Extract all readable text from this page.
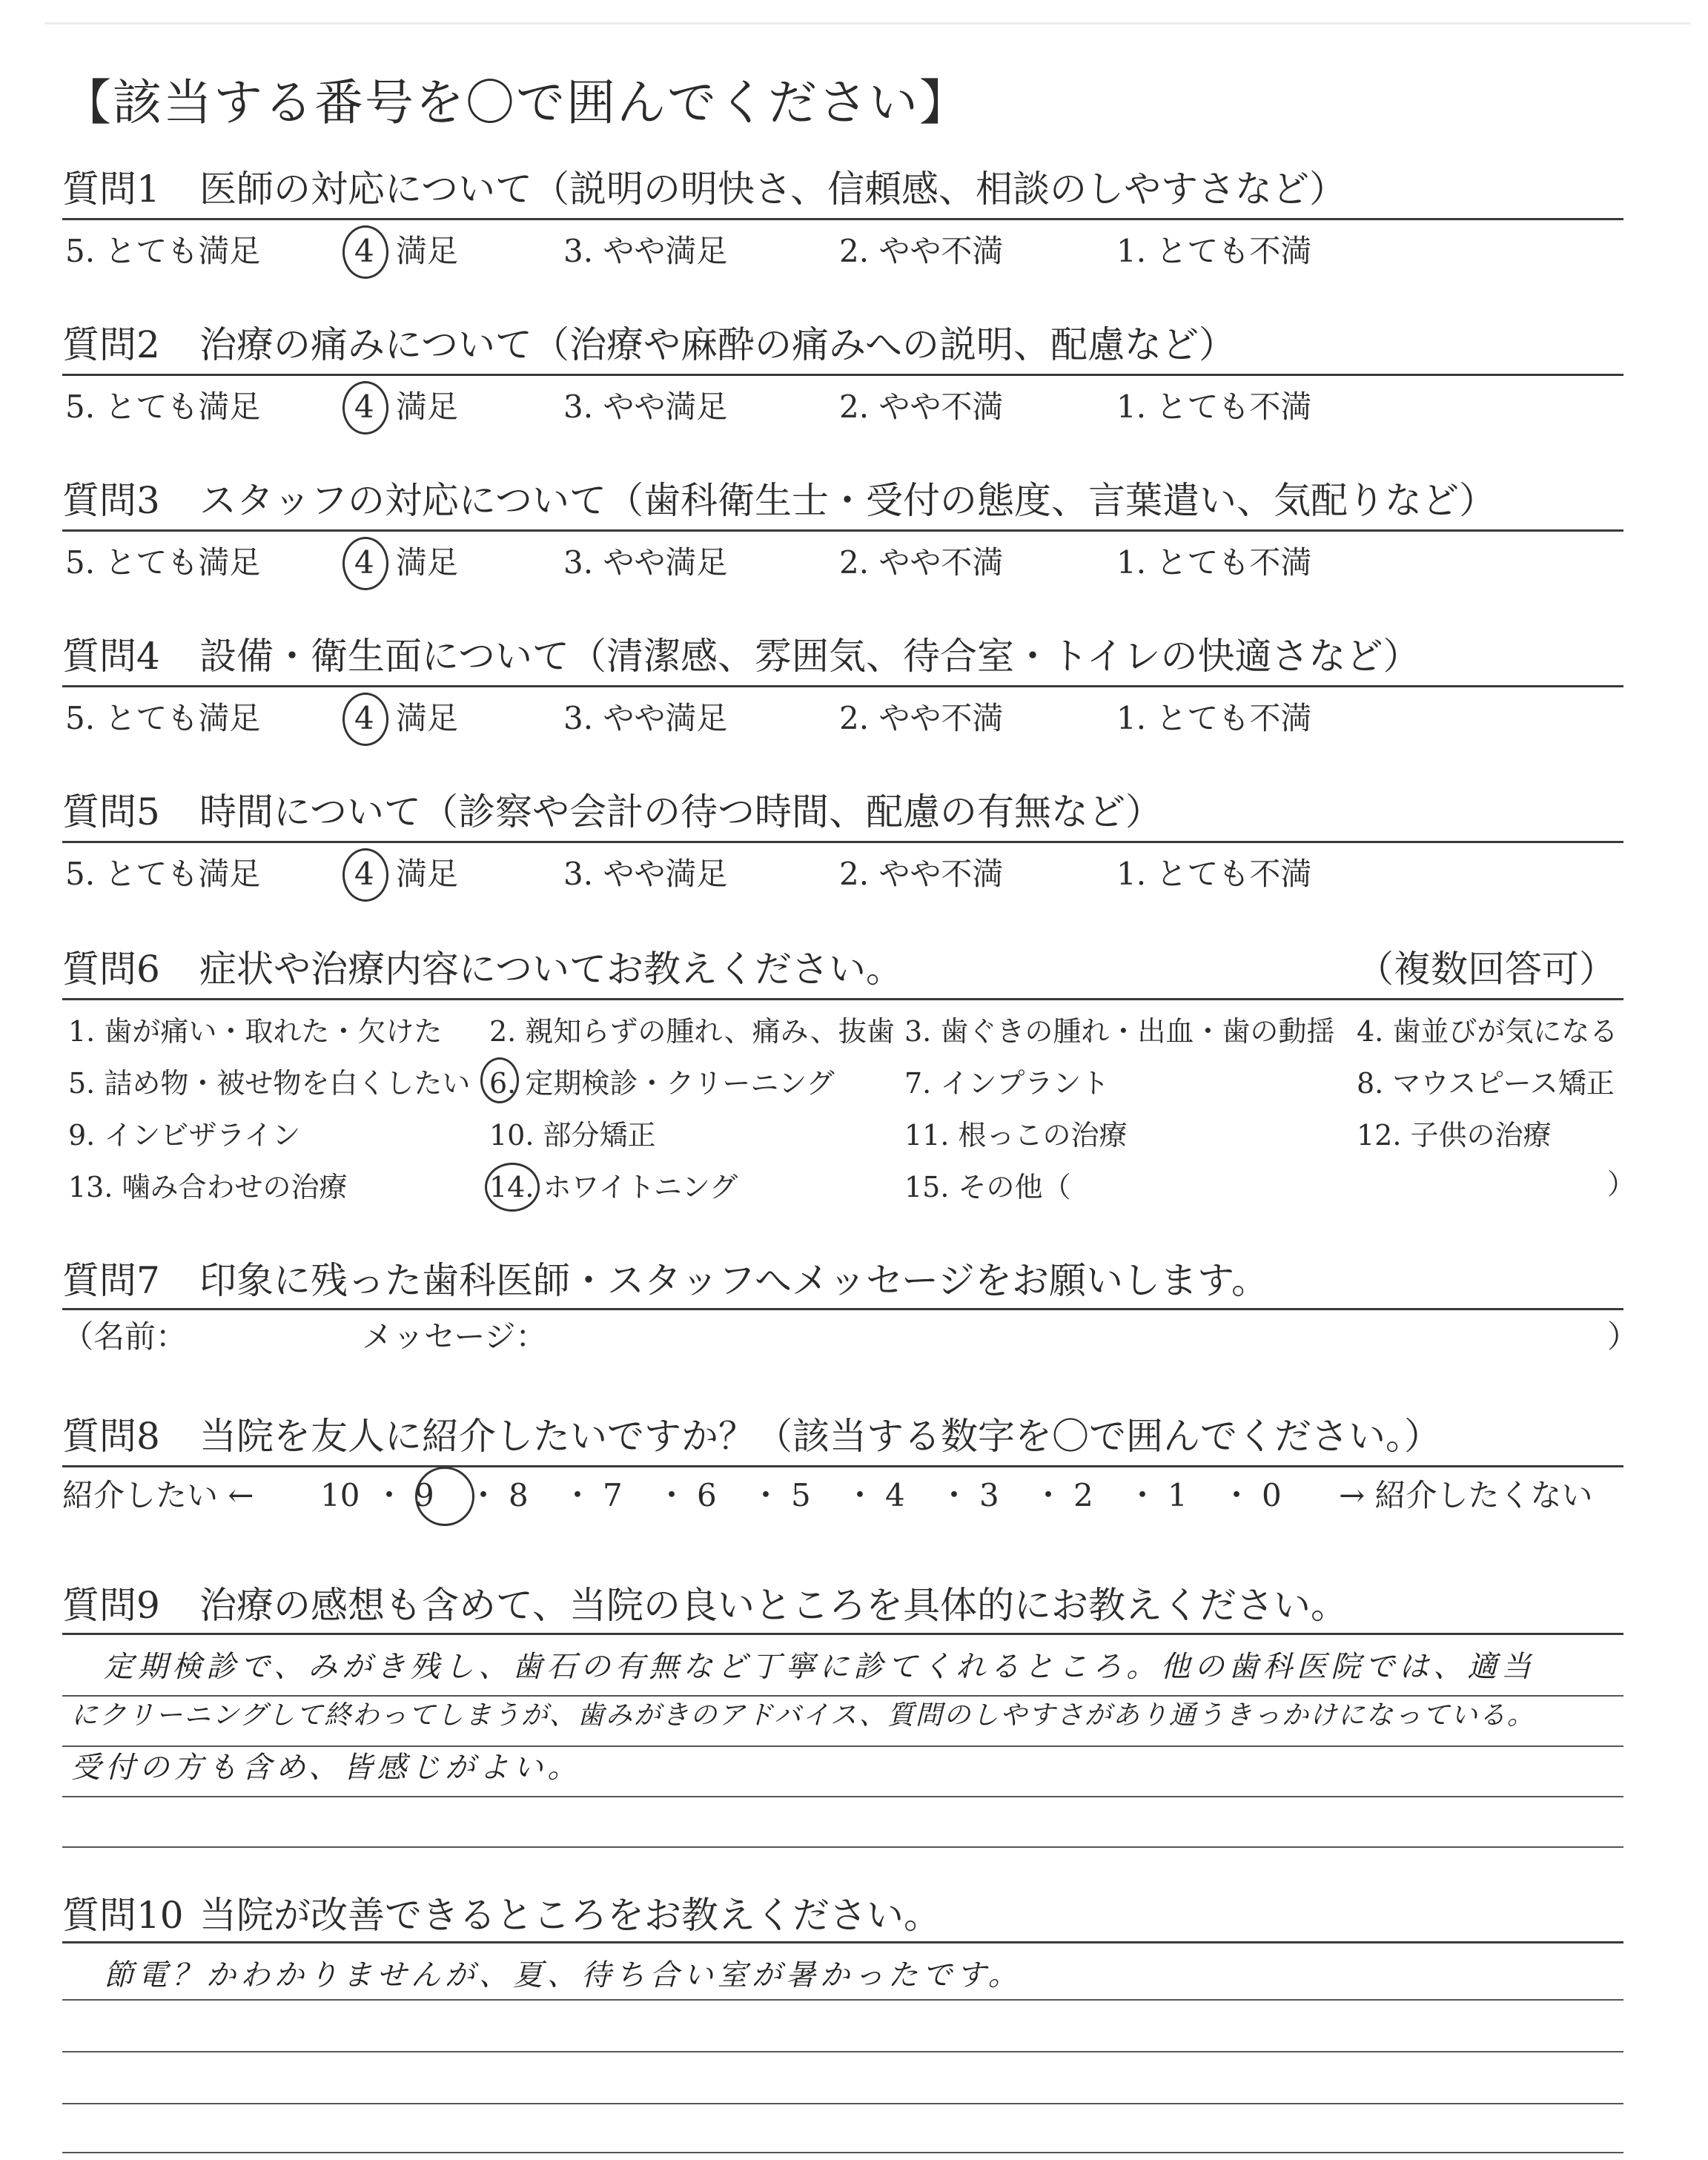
【該当する番号を〇で囲んでください】
質問1 医師の対応について（説明の明快さ、信頼感、相談のしやすさなど）
5. とても満足	4 満足	3. やや満足	2. やや不満	1. とても不満
質問2 治療の痛みについて（治療や麻酔の痛みへの説明、配慮など）
5. とても満足	4 満足	3. やや満足	2. やや不満	1. とても不満
質問3 スタッフの対応について（歯科衛生士・受付の態度、言葉遣い、気配りなど）
5. とても満足	4 満足	3. やや満足	2. やや不満	1. とても不満
質問4 設備・衛生面について（清潔感、雰囲気、待合室・トイレの快適さなど）
5. とても満足	4 満足	3. やや満足	2. やや不満	1. とても不満
質問5 時間について（診察や会計の待つ時間、配慮の有無など）
5. とても満足	4 満足	3. やや満足	2. やや不満	1. とても不満
質問6 症状や治療内容についてお教えください。	（複数回答可）
1. 歯が痛い・取れた・欠けた 2. 親知らずの腫れ、痛み、抜歯 3. 歯ぐきの腫れ・出血・歯の動揺 4. 歯並びが気になる
5. 詰め物・被せ物を白くしたい 6. 定期検診・クリーニング 7. インプラント	8. マウスピース矯正
9. インビザライン	10. 部分矯正	11. 根っこの治療	12. 子供の治療
13. 噛み合わせの治療	14. ホワイトニング	15. その他（	）
質問7 印象に残った歯科医師・スタッフへメッセージをお願いします。
（名前：	メッセージ：	）
質問8 当院を友人に紹介したいですか？（該当する数字を〇で囲んでください。）
紹介したい ←	→ 紹介したくない
10 ・ 9 ・ 8 ・ 7 ・ 6 ・ 5 ・ 4 ・ 3 ・ 2 ・ 1 ・ 0
質問9 治療の感想も含めて、当院の良いところを具体的にお教えください。
定期検診で、みがき残し、歯石の有無など丁寧に診てくれるところ。他の歯科医院では、適当
にクリーニングして終わってしまうが、歯みがきのアドバイス、質問のしやすさがあり通うきっかけになっている。
受付の方も含め、皆感じがよい。
質問10 当院が改善できるところをお教えください。
節電？かわかりませんが、夏、待ち合い室が暑かったです。
